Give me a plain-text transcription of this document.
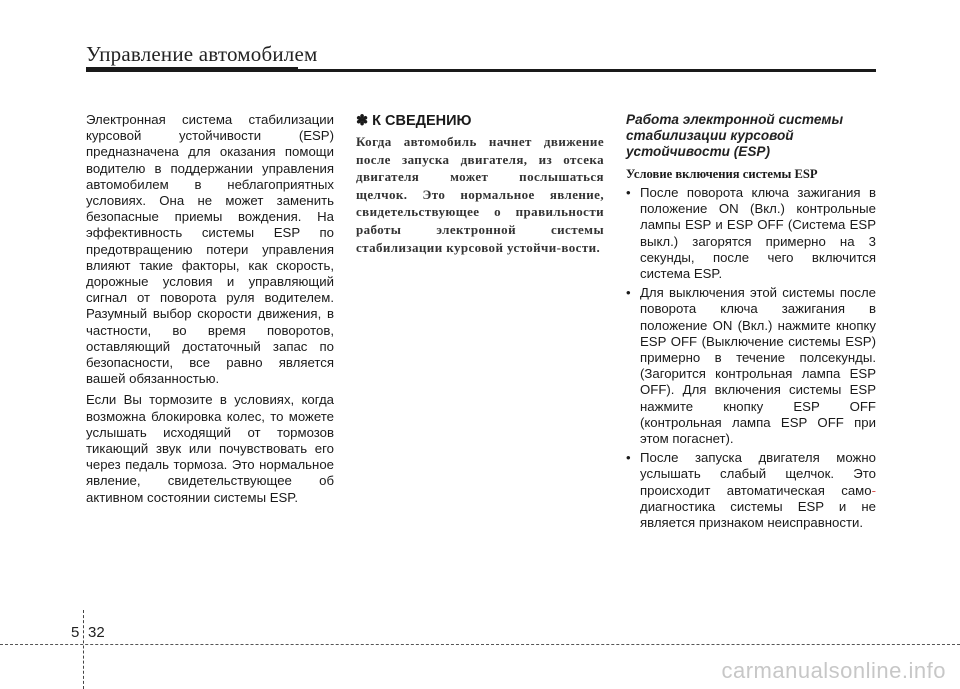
Управление автомобилем

Электронная система стабилизации курсовой устойчивости (ESP) предназначена для оказания помощи водителю в поддержании управления автомобилем в неблагоприятных условиях. Она не может заменить безопасные приемы вождения. На эффективность системы ESP по предотвращению потери управления влияют такие факторы, как скорость, дорожные условия и управляющий сигнал от поворота руля водителем. Разумный выбор скорости движения, в частности, во время поворотов, оставляющий достаточный запас по безопасности, все равно является вашей обязанностью.

Если Вы тормозите в условиях, когда возможна блокировка колес, то можете услышать исходящий от тормозов тикающий звук или почувствовать его через педаль тормоза. Это нормальное явление, свидетельствующее об активном состоянии системы ESP.

✽ К СВЕДЕНИЮ

Когда автомобиль начнет движение после запуска двигателя, из отсека двигателя может послышаться щелчок. Это нормальное явление, свидетельствующее о правильности работы электронной системы стабилизации курсовой устойчи-вости.

Работа электронной системы стабилизации курсовой устойчивости (ESP)
Условие включения системы ESP
• После поворота ключа зажигания в положение ON (Вкл.) контрольные лампы ESP и ESP OFF (Система ESP выкл.) загорятся примерно на 3 секунды, после чего включится система ESP.
• Для выключения этой системы после поворота ключа зажигания в положение ON (Вкл.) нажмите кнопку ESP OFF (Выключение системы ESP) примерно в течение полсекунды. (Загорится контрольная лампа ESP OFF). Для включения системы ESP нажмите кнопку ESP OFF (контрольная лампа ESP OFF при этом погаснет).
• После запуска двигателя можно услышать слабый щелчок. Это происходит автоматическая само-диагностика системы ESP и не является признаком неисправности.
5 32
carmanualsonline.info
